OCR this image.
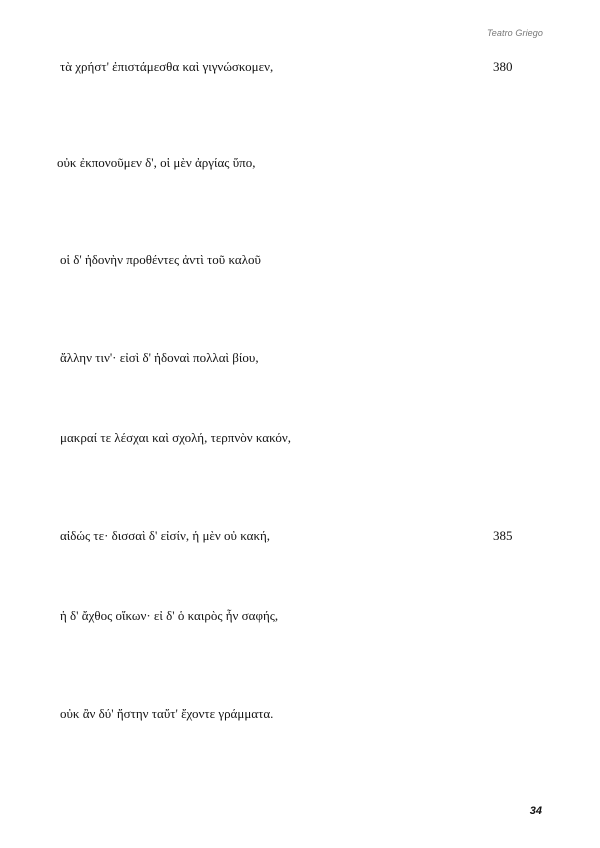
Teatro Griego
τὰ χρήστ' ἐπιστάμεσθα καὶ γιγνώσκομεν,	380
οὐκ ἐκπονοῦμεν δ', οἱ μὲν ἀργίας ὕπο,
οἱ δ' ἡδονὴν προθέντες ἀντὶ τοῦ καλοῦ
ἄλλην τιν'· εἰσὶ δ' ἡδοναὶ πολλαὶ βίου,
μακραί τε λέσχαι καὶ σχολή, τερπνὸν κακόν,
αἰδώς τε· δισσαὶ δ' εἰσίν, ἡ μὲν οὐ κακή,	385
ἡ δ' ἄχθος οἴκων· εἰ δ' ὁ καιρὸς ἦν σαφής,
οὐκ ἂν δύ' ἤστην ταὔτ' ἔχοντε γράμματα.
34
